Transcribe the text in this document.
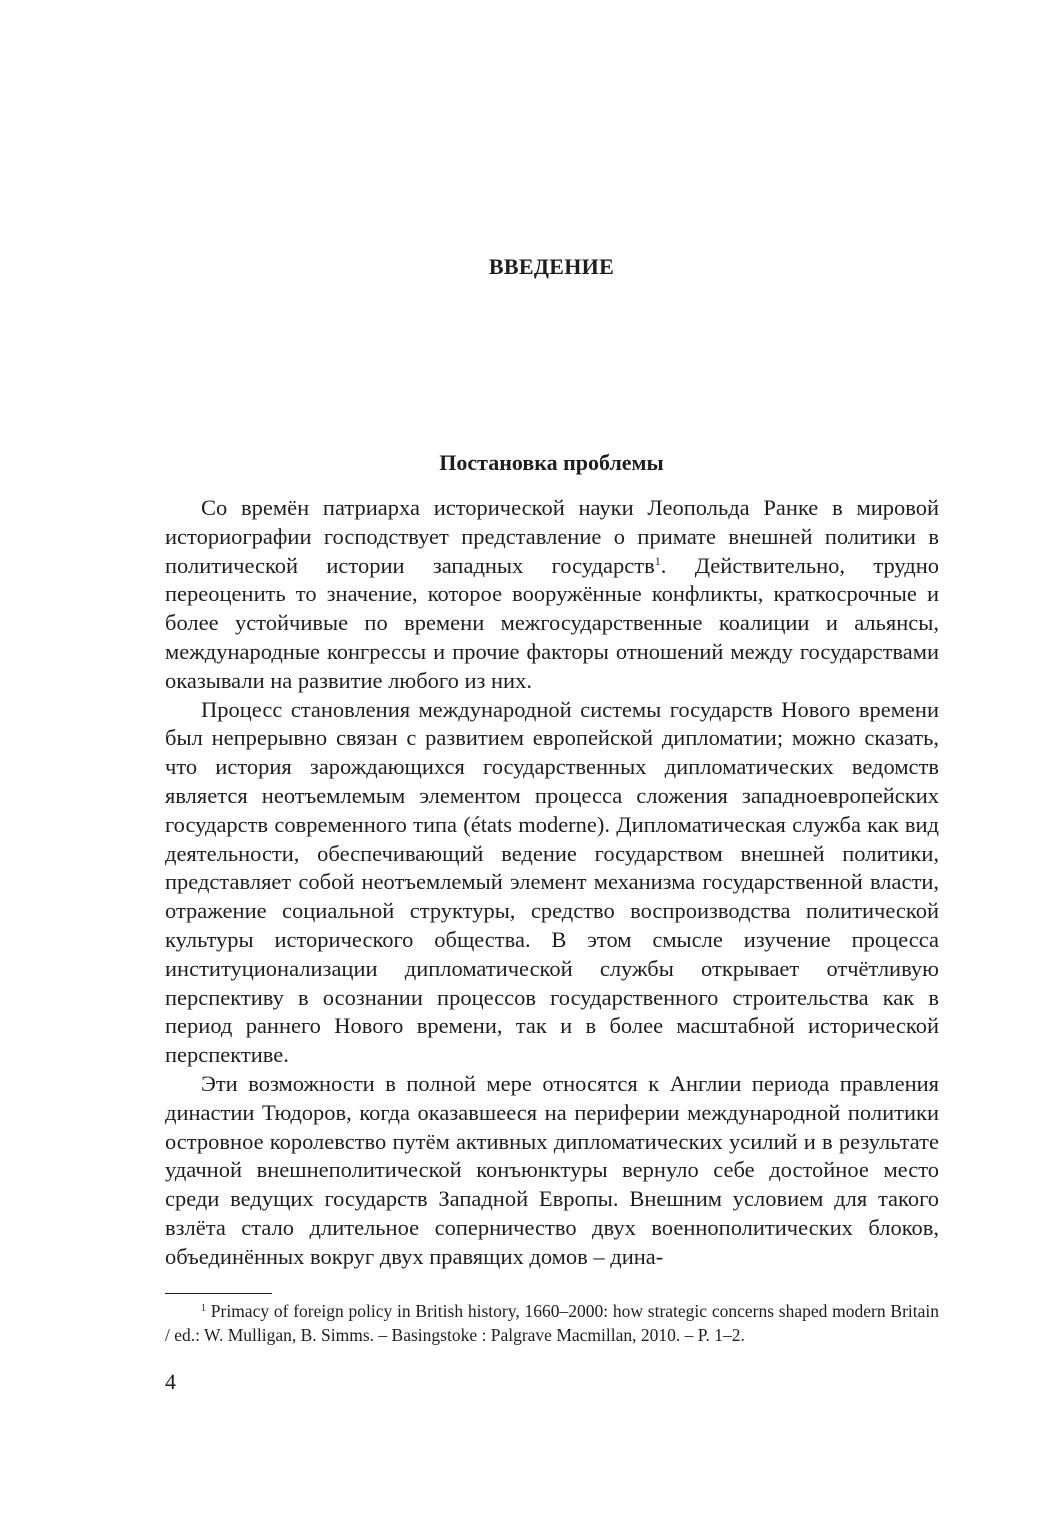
ВВЕДЕНИЕ
Постановка проблемы

Со времён патриарха исторической науки Леопольда Ранке в мировой историографии господствует представление о примате внешней политики в политической истории западных государств$^1$. Действительно, трудно переоценить то значение, которое вооружённые конфликты, краткосрочные и более устойчивые по времени межгосударственные коалиции и альянсы, международные конгрессы и прочие факторы отношений между государствами оказывали на развитие любого из них.

Процесс становления международной системы государств Нового времени был непрерывно связан с развитием европейской дипломатии; можно сказать, что история зарождающихся государственных дипломатических ведомств является неотъемлемым элементом процесса сложения западноевропейских государств современного типа (états moderne). Дипломатическая служба как вид деятельности, обеспечивающий ведение государством внешней политики, представляет собой неотъемлемый элемент механизма государственной власти, отражение социальной структуры, средство воспроизводства политической культуры исторического общества. В этом смысле изучение процесса институционализации дипломатической службы открывает отчётливую перспективу в осознании процессов государственного строительства как в период раннего Нового времени, так и в более масштабной исторической перспективе.

Эти возможности в полной мере относятся к Англии периода правления династии Тюдоров, когда оказавшееся на периферии международной политики островное королевство путём активных дипломатических усилий и в результате удачной внешнеполитической конъюнктуры вернуло себе достойное место среди ведущих государств Западной Европы. Внешним условием для такого взлёта стало длительное соперничество двух военнополитических блоков, объединённых вокруг двух правящих домов – дина-

$^1$ Primacy of foreign policy in British history, 1660–2000: how strategic concerns shaped modern Britain / ed.: W. Mulligan, B. Simms. – Basingstoke : Palgrave Macmillan, 2010. – P. 1–2.

4
